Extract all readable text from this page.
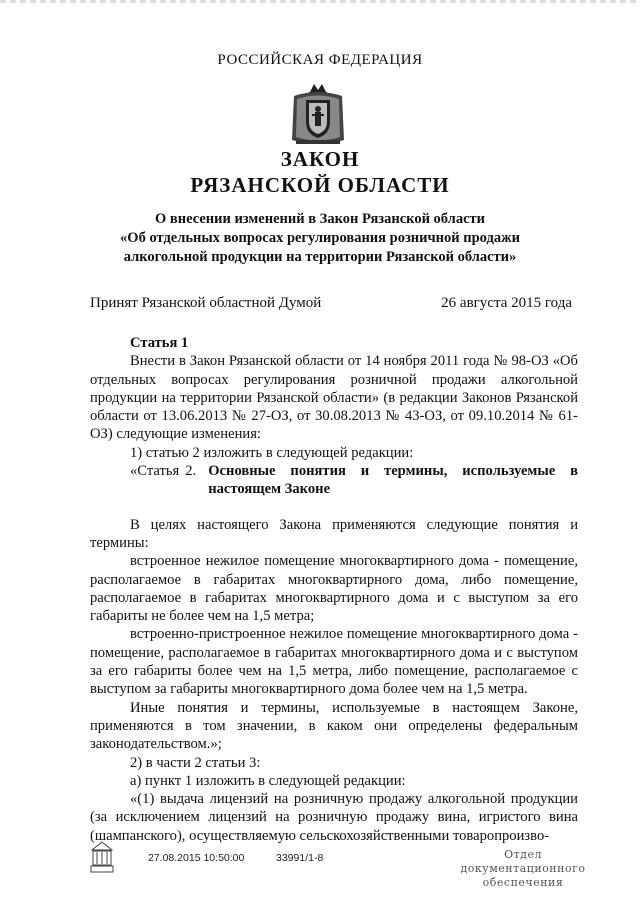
РОССИЙСКАЯ ФЕДЕРАЦИЯ
ЗАКОН
РЯЗАНСКОЙ ОБЛАСТИ
О внесении изменений в Закон Рязанской области
«Об отдельных вопросах регулирования розничной продажи
алкогольной продукции на территории Рязанской области»
Принят Рязанской областной Думой	26 августа 2015 года

Статья 1

Внести в Закон Рязанской области от 14 ноября 2011 года № 98-ОЗ «Об отдельных вопросах регулирования розничной продажи алкогольной продукции на территории Рязанской области» (в редакции Законов Рязанской области от 13.06.2013 № 27-ОЗ, от 30.08.2013 № 43-ОЗ, от 09.10.2014 № 61-ОЗ) следующие изменения:

1) статью 2 изложить в следующей редакции:

«Статья 2. Основные понятия и термины, используемые в настоящем Законе

В целях настоящего Закона применяются следующие понятия и термины:

встроенное нежилое помещение многоквартирного дома - помещение, располагаемое в габаритах многоквартирного дома, либо помещение, располагаемое в габаритах многоквартирного дома и с выступом за его габариты не более чем на 1,5 метра;

встроенно-пристроенное нежилое помещение многоквартирного дома - помещение, располагаемое в габаритах многоквартирного дома и с выступом за его габариты более чем на 1,5 метра, либо помещение, располагаемое с выступом за габариты многоквартирного дома более чем на 1,5 метра.

Иные понятия и термины, используемые в настоящем Законе, применяются в том значении, в каком они определены федеральным законодательством.»;

2) в части 2 статьи 3:

а) пункт 1 изложить в следующей редакции:

«(1) выдача лицензий на розничную продажу алкогольной продукции (за исключением лицензий на розничную продажу вина, игристого вина (шампанского), осуществляемую сельскохозяйственными товаропроизво-

27.08.2015 10:50:00	33991/1-8	Отдел документационного
обеспечения
